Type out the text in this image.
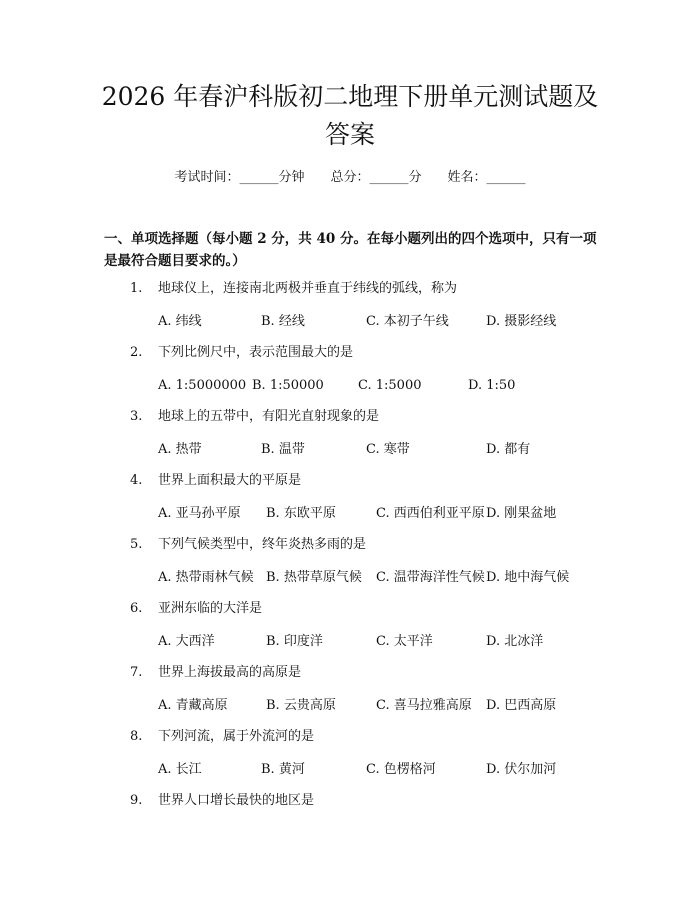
2026 年春沪科版初二地理下册单元测试题及答案
考试时间：______分钟 总分：______分 姓名：______

一、单项选择题（每小题 2 分，共 40 分。在每小题列出的四个选项中，只有一项是最符合题目要求的。）

1. 地球仪上，连接南北两极并垂直于纬线的弧线，称为
A. 纬线	B. 经线	C. 本初子午线	D. 摄影经线
2. 下列比例尺中，表示范围最大的是
A. 1:5000000 B. 1:50000	C. 1:5000	D. 1:50
3. 地球上的五带中，有阳光直射现象的是
A. 热带	B. 温带	C. 寒带	D. 都有
4. 世界上面积最大的平原是
A. 亚马孙平原 B. 东欧平原	C. 西西伯利亚平原 D. 刚果盆地
5. 下列气候类型中，终年炎热多雨的是
A. 热带雨林气候 B. 热带草原气候 C. 温带海洋性气候 D. 地中海气候
6. 亚洲东临的大洋是
A. 大西洋	B. 印度洋	C. 太平洋	D. 北冰洋
7. 世界上海拔最高的高原是
A. 青藏高原	B. 云贵高原	C. 喜马拉雅高原 D. 巴西高原
8. 下列河流，属于外流河的是
A. 长江	B. 黄河	C. 色楞格河	D. 伏尔加河
9. 世界人口增长最快的地区是
